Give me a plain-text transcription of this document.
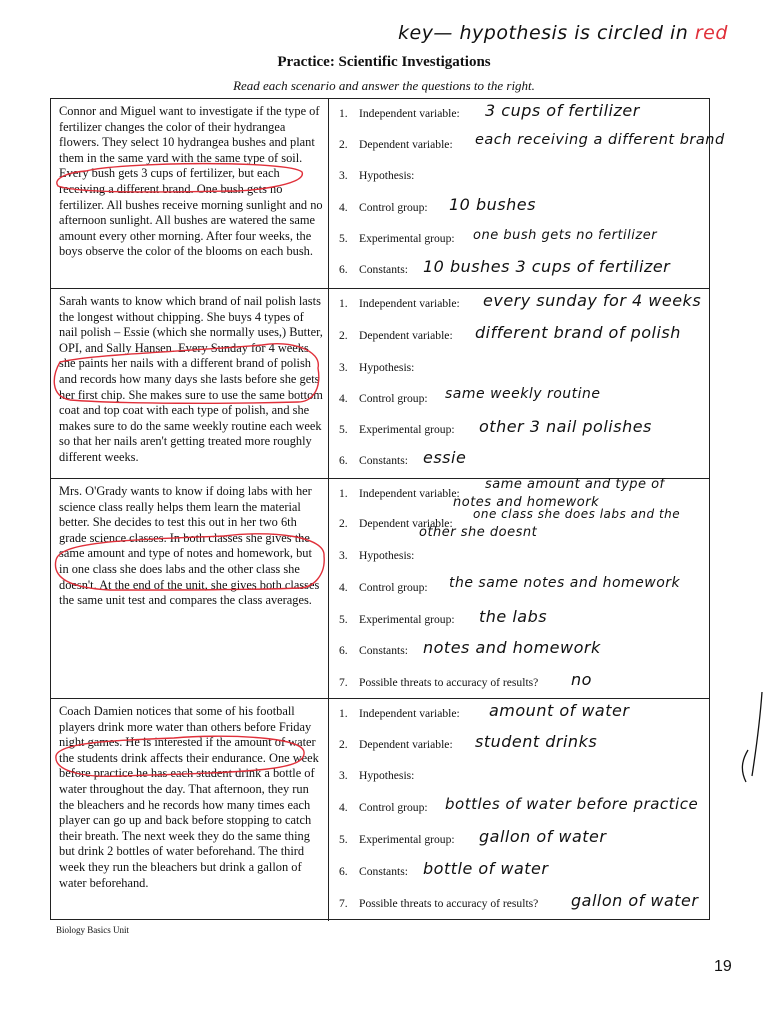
key— hypothesis is circled in red
Practice: Scientific Investigations
Read each scenario and answer the questions to the right.
Connor and Miguel want to investigate if the type of fertilizer changes the color of their hydrangea flowers. They select 10 hydrangea bushes and plant them in the same yard with the same type of soil. Every bush gets 3 cups of fertilizer, but each receiving a different brand. One bush gets no fertilizer. All bushes receive morning sunlight and no afternoon sunlight. All bushes are watered the same amount every other morning. After four weeks, the boys observe the color of the blooms on each bush.
1. Independent variable: 3 cups of fertilizer
2. Dependent variable: each receiving a different brand
3. Hypothesis:
4. Control group: 10 bushes
5. Experimental group: one bush gets no fertilizer
6. Constants: 10 bushes 3 cups of fertilizer
Sarah wants to know which brand of nail polish lasts the longest without chipping. She buys 4 types of nail polish – Essie (which she normally uses,) Butter, OPI, and Sally Hansen. Every Sunday for 4 weeks she paints her nails with a different brand of polish and records how many days she lasts before she gets her first chip. She makes sure to use the same bottom coat and top coat with each type of polish, and she makes sure to do the same weekly routine each week so that her nails aren't getting treated more roughly different weeks.
1. Independent variable: every sunday for 4 weeks
2. Dependent variable: different brand of polish
3. Hypothesis:
4. Control group: same weekly routine
5. Experimental group: other 3 nail polishes
6. Constants: essie
Mrs. O'Grady wants to know if doing labs with her science class really helps them learn the material better. She decides to test this out in her two 6th grade science classes. In both classes she gives the same amount and type of notes and homework, but in one class she does labs and the other class she doesn't. At the end of the unit, she gives both classes the same unit test and compares the class averages.
1. Independent variable:
same amount and type of
notes and homework
2. Dependent variable:
one class she does labs and the
other she doesnt
3. Hypothesis:
4. Control group: the same notes and homework
5. Experimental group: the labs
6. Constants: notes and homework
7. Possible threats to accuracy of results? no
Coach Damien notices that some of his football players drink more water than others before Friday night games. He is interested if the amount of water the students drink affects their endurance. One week before practice he has each student drink a bottle of water throughout the day. That afternoon, they run the bleachers and he records how many times each player can go up and back before stopping to catch their breath. The next week they do the same thing but drink 2 bottles of water beforehand. The third week they run the bleachers but drink a gallon of water beforehand.
1. Independent variable: amount of water
2. Dependent variable: student drinks
3. Hypothesis:
4. Control group: bottles of water before practice
5. Experimental group: gallon of water
6. Constants: bottle of water
7. Possible threats to accuracy of results? gallon of water
Biology Basics Unit
19
